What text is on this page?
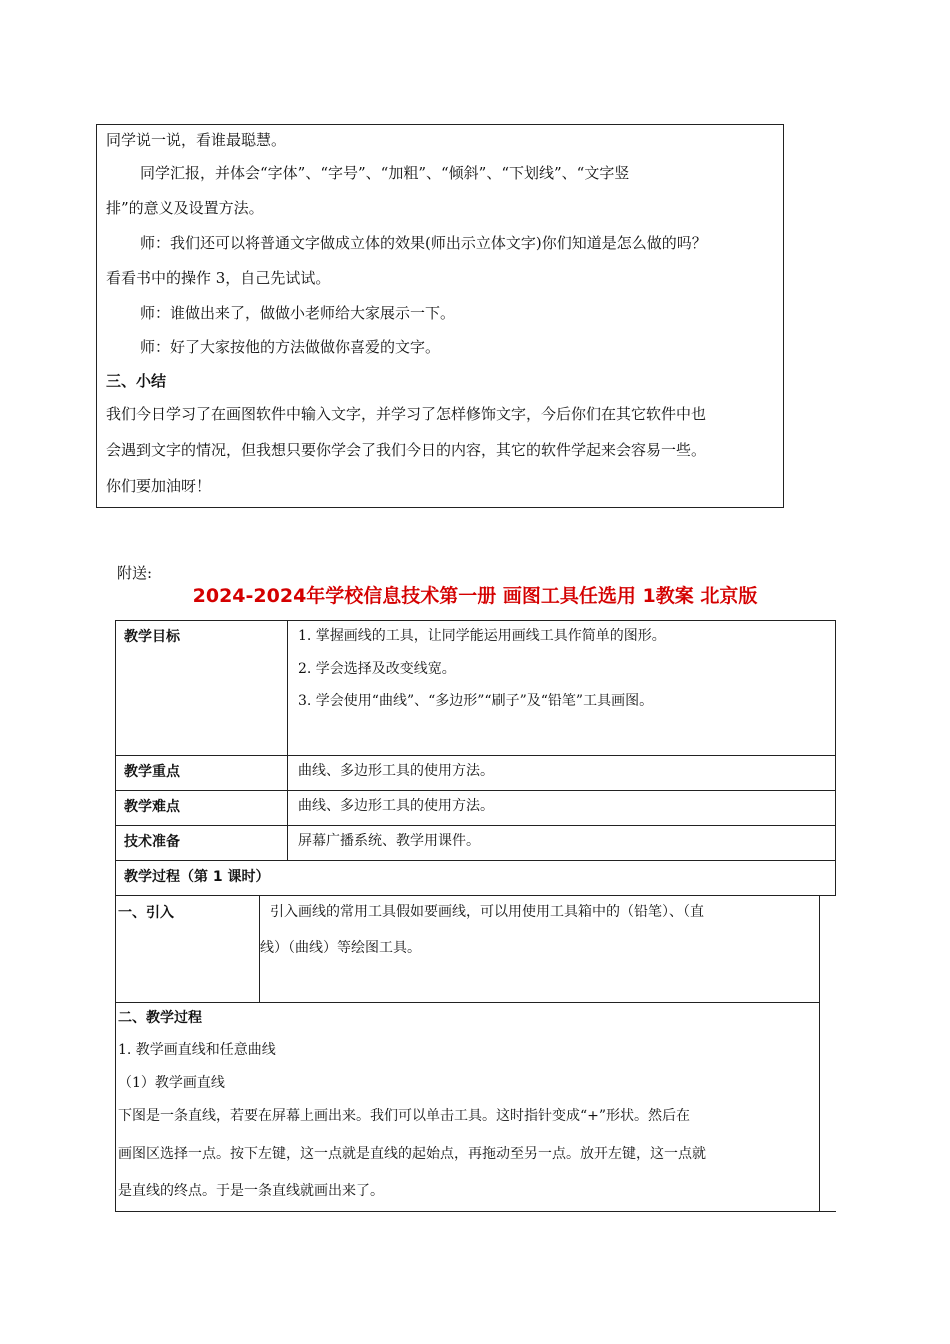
同学说一说，看谁最聪慧。
同学汇报，并体会“字体”、“字号”、“加粗”、“倾斜”、“下划线”、“文字竖
排”的意义及设置方法。
师：我们还可以将普通文字做成立体的效果(师出示立体文字)你们知道是怎么做的吗？
看看书中的操作 3，自己先试试。
师：谁做出来了，做做小老师给大家展示一下。
师：好了大家按他的方法做做你喜爱的文字。
三、小结
我们今日学习了在画图软件中输入文字，并学习了怎样修饰文字，今后你们在其它软件中也
会遇到文字的情况，但我想只要你学会了我们今日的内容，其它的软件学起来会容易一些。
你们要加油呀！
附送:
2024-2024年学校信息技术第一册 画图工具任选用 1教案 北京版
教学目标	1. 掌握画线的工具，让同学能运用画线工具作简单的图形。
2. 学会选择及改变线宽。
3. 学会使用“曲线”、“多边形”“刷子”及“铅笔”工具画图。
教学重点	曲线、多边形工具的使用方法。
教学难点	曲线、多边形工具的使用方法。
技术准备	屏幕广播系统、教学用课件。
教学过程（第 1 课时）
一、引入	引入画线的常用工具假如要画线，可以用使用工具箱中的（铅笔）、（直
线）（曲线）等绘图工具。
二、教学过程
1. 教学画直线和任意曲线
（1）教学画直线
下图是一条直线，若要在屏幕上画出来。我们可以单击工具。这时指针变成“+”形状。然后在
画图区选择一点。按下左键，这一点就是直线的起始点，再拖动至另一点。放开左键，这一点就
是直线的终点。于是一条直线就画出来了。
